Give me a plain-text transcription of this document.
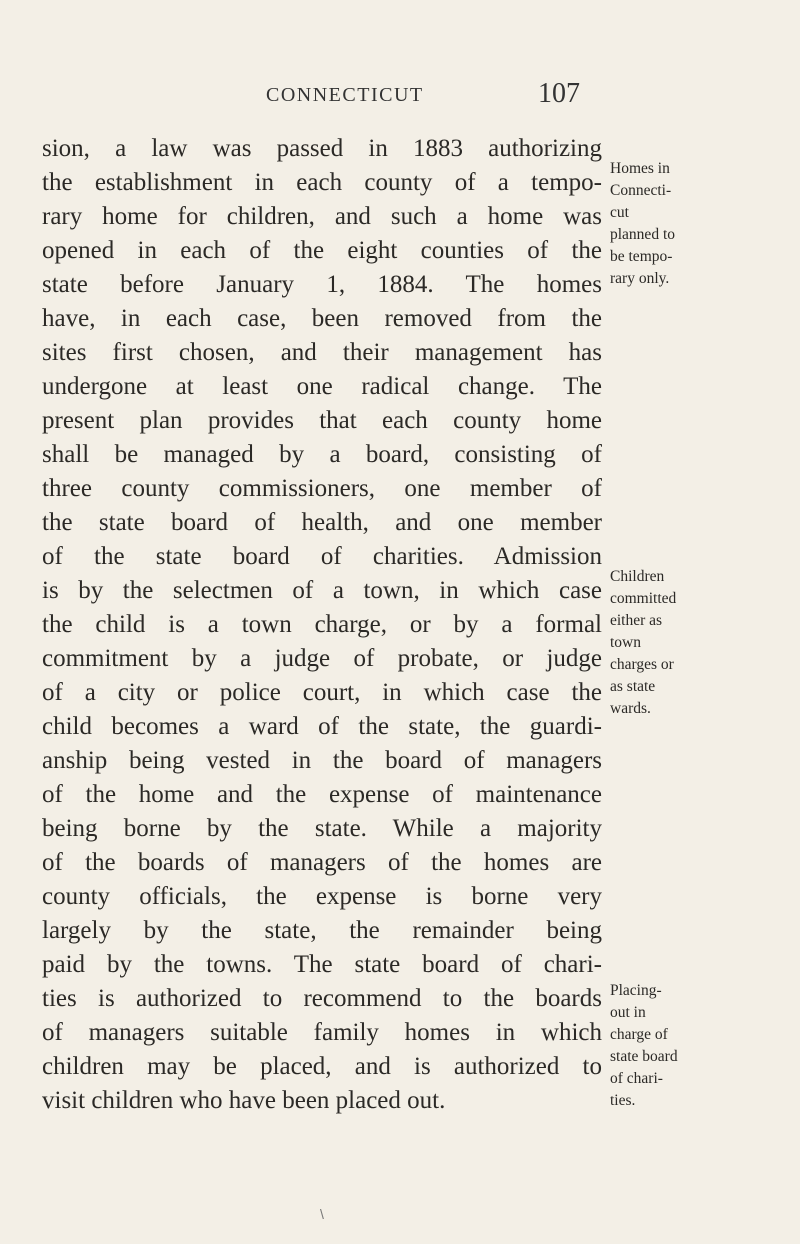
CONNECTICUT	107
sion, a law was passed in 1883 authorizing
the establishment in each county of a tempo-
rary home for children, and such a home was
opened in each of the eight counties of the
state before January 1, 1884. The homes
have, in each case, been removed from the
sites first chosen, and their management has
undergone at least one radical change. The
present plan provides that each county home
shall be managed by a board, consisting of
three county commissioners, one member of
the state board of health, and one member
of the state board of charities. Admission
is by the selectmen of a town, in which case
the child is a town charge, or by a formal
commitment by a judge of probate, or judge
of a city or police court, in which case the
child becomes a ward of the state, the guardi-
anship being vested in the board of managers
of the home and the expense of maintenance
being borne by the state. While a majority
of the boards of managers of the homes are
county officials, the expense is borne very
largely by the state, the remainder being
paid by the towns. The state board of chari-
ties is authorized to recommend to the boards
of managers suitable family homes in which
children may be placed, and is authorized to
visit children who have been placed out.
Homes in
Connecti-
cut
planned to
be tempo-
rary only.
Children
committed
either as
town
charges or
as state
wards.
Placing-
out in
charge of
state board
of chari-
ties.
\
